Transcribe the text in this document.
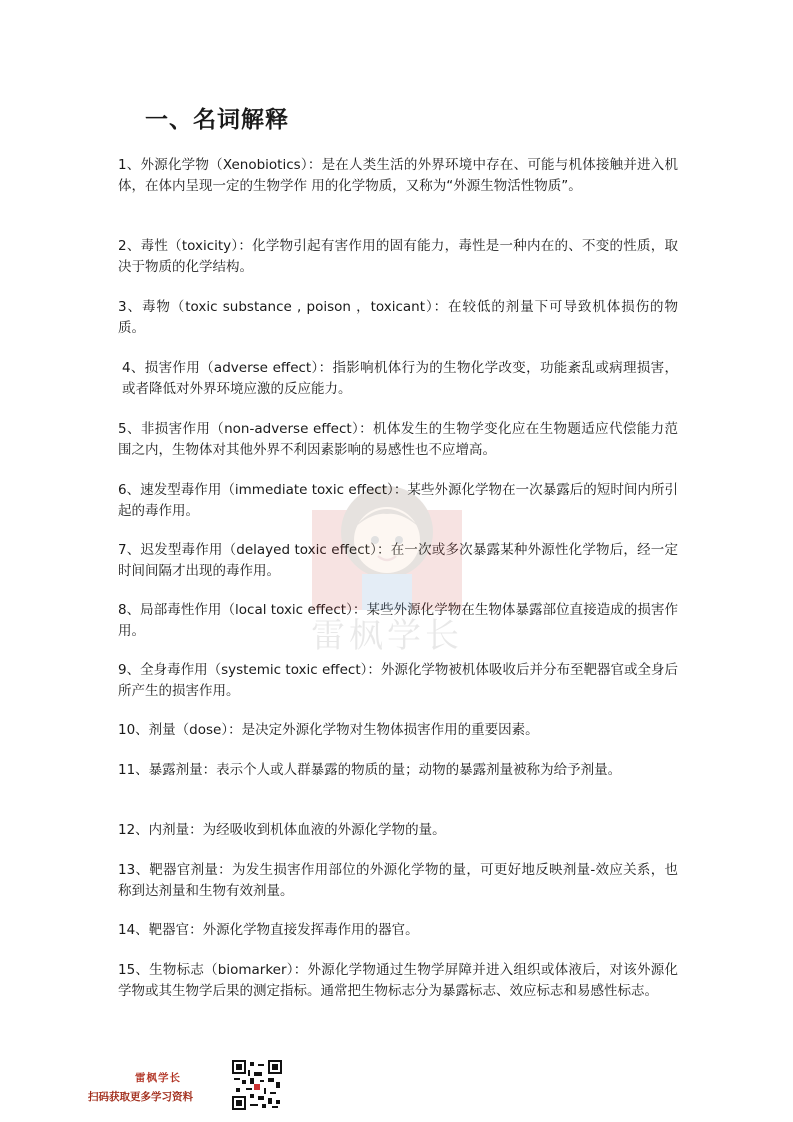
一、名词解释

1、外源化学物（Xenobiotics）：是在人类生活的外界环境中存在、可能与机体接触并进入机体，在体内呈现一定的生物学作 用的化学物质，又称为“外源生物活性物质”。

2、毒性（toxicity）：化学物引起有害作用的固有能力，毒性是一种内在的、不变的性质，取决于物质的化学结构。

3、毒物（toxic substance , poison ，toxicant）：在较低的剂量下可导致机体损伤的物质。

4、损害作用（adverse effect）：指影响机体行为的生物化学改变，功能紊乱或病理损害，或者降低对外界环境应激的反应能力。

5、非损害作用（non-adverse effect）：机体发生的生物学变化应在生物题适应代偿能力范围之内，生物体对其他外界不利因素影响的易感性也不应增高。

6、速发型毒作用（immediate toxic effect）：某些外源化学物在一次暴露后的短时间内所引起的毒作用。

7、迟发型毒作用（delayed toxic effect）：在一次或多次暴露某种外源性化学物后，经一定时间间隔才出现的毒作用。

8、局部毒性作用（local toxic effect）：某些外源化学物在生物体暴露部位直接造成的损害作用。

9、全身毒作用（systemic toxic effect）：外源化学物被机体吸收后并分布至靶器官或全身后所产生的损害作用。

10、剂量（dose）：是决定外源化学物对生物体损害作用的重要因素。

11、暴露剂量：表示个人或人群暴露的物质的量；动物的暴露剂量被称为给予剂量。

12、内剂量：为经吸收到机体血液的外源化学物的量。

13、靶器官剂量：为发生损害作用部位的外源化学物的量，可更好地反映剂量-效应关系，也称到达剂量和生物有效剂量。

14、靶器官：外源化学物直接发挥毒作用的器官。

15、生物标志（biomarker）：外源化学物通过生物学屏障并进入组织或体液后，对该外源化学物或其生物学后果的测定指标。通常把生物标志分为暴露标志、效应标志和易感性标志。

雷枫学长
雷枫学长
扫码获取更多学习资料
